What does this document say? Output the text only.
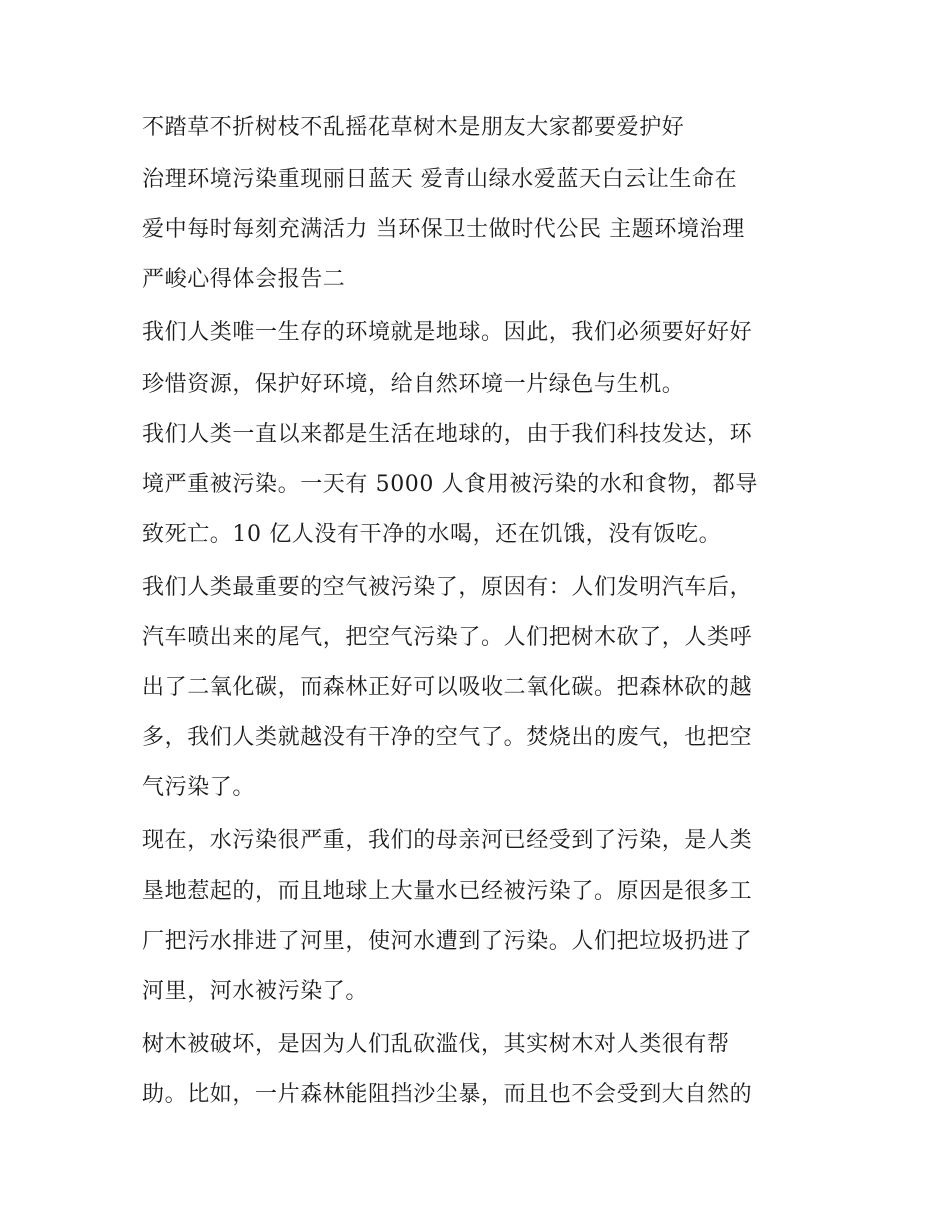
不踏草不折树枝不乱摇花草树木是朋友大家都要爱护好
治理环境污染重现丽日蓝天 爱青山绿水爱蓝天白云让生命在
爱中每时每刻充满活力 当环保卫士做时代公民 主题环境治理
严峻心得体会报告二
我们人类唯一生存的环境就是地球。因此，我们必须要好好好
珍惜资源，保护好环境，给自然环境一片绿色与生机。
我们人类一直以来都是生活在地球的，由于我们科技发达，环
境严重被污染。一天有 5000 人食用被污染的水和食物，都导
致死亡。10 亿人没有干净的水喝，还在饥饿，没有饭吃。
我们人类最重要的空气被污染了，原因有：人们发明汽车后，
汽车喷出来的尾气，把空气污染了。人们把树木砍了，人类呼
出了二氧化碳，而森林正好可以吸收二氧化碳。把森林砍的越
多，我们人类就越没有干净的空气了。焚烧出的废气，也把空
气污染了。
现在，水污染很严重，我们的母亲河已经受到了污染，是人类
垦地惹起的，而且地球上大量水已经被污染了。原因是很多工
厂把污水排进了河里，使河水遭到了污染。人们把垃圾扔进了
河里，河水被污染了。
树木被破坏，是因为人们乱砍滥伐，其实树木对人类很有帮
助。比如，一片森林能阻挡沙尘暴，而且也不会受到大自然的
